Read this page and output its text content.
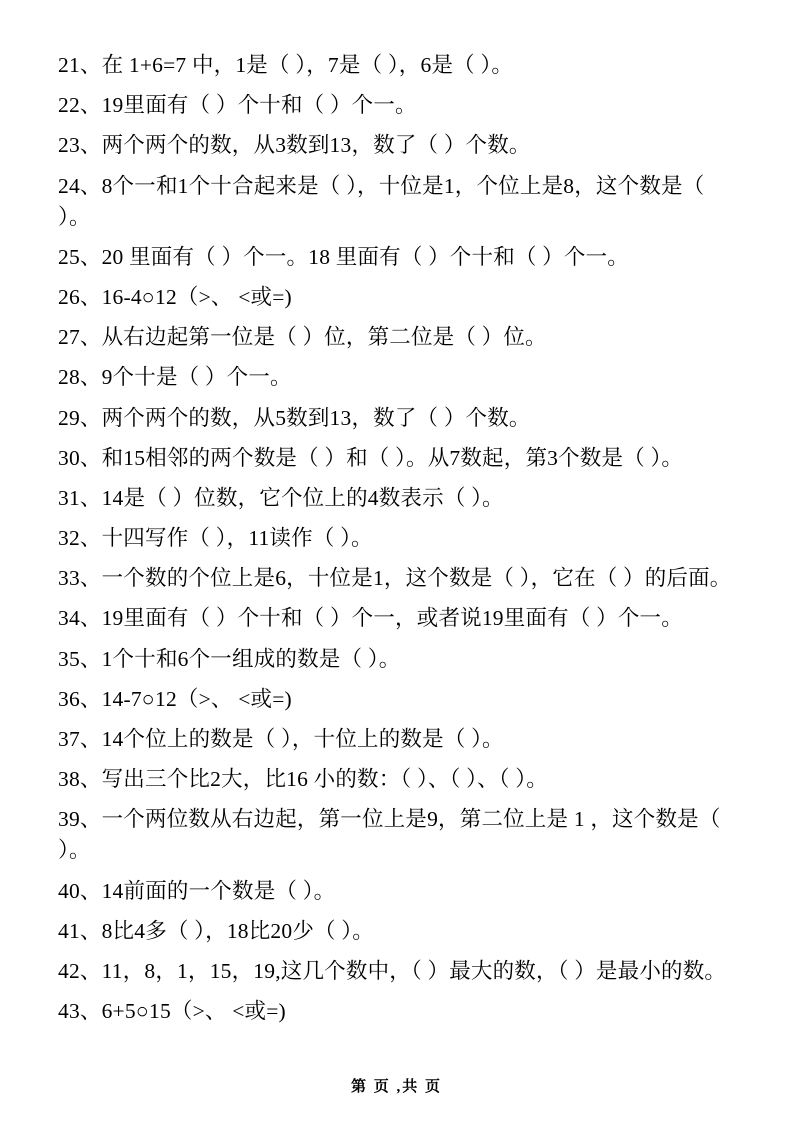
21、在 1+6=7 中，1是（ ），7是（ ），6是（ ）。
22、19里面有（ ）个十和（ ）个一。
23、两个两个的数，从3数到13，数了（ ）个数。
24、8个一和1个十合起来是（ ），十位是1，个位上是8，这个数是（ ）。
25、20 里面有（ ）个一。18 里面有（ ）个十和（ ）个一。
26、16-4○12（>、 <或=)
27、从右边起第一位是（ ）位，第二位是（ ）位。
28、9个十是（ ）个一。
29、两个两个的数，从5数到13，数了（ ）个数。
30、和15相邻的两个数是（ ）和（ ）。从7数起，第3个数是（ ）。
31、14是（ ）位数，它个位上的4数表示（ ）。
32、十四写作（ ），11读作（ ）。
33、一个数的个位上是6，十位是1，这个数是（ ），它在（ ）的后面。
34、19里面有（ ）个十和（ ）个一，或者说19里面有（ ）个一。
35、1个十和6个一组成的数是（ ）。
36、14-7○12（>、 <或=)
37、14个位上的数是（ ），十位上的数是（ ）。
38、写出三个比2大，比16 小的数：（ ）、（ ）、（ ）。
39、一个两位数从右边起，第一位上是9，第二位上是 1 ，这个数是（ ）。
40、14前面的一个数是（ ）。
41、8比4多（ ），18比20少（ ）。
42、11，8，1，15，19,这几个数中，（ ）最大的数，（ ）是最小的数。
43、6+5○15（>、 <或=)
第 页 ,共 页
